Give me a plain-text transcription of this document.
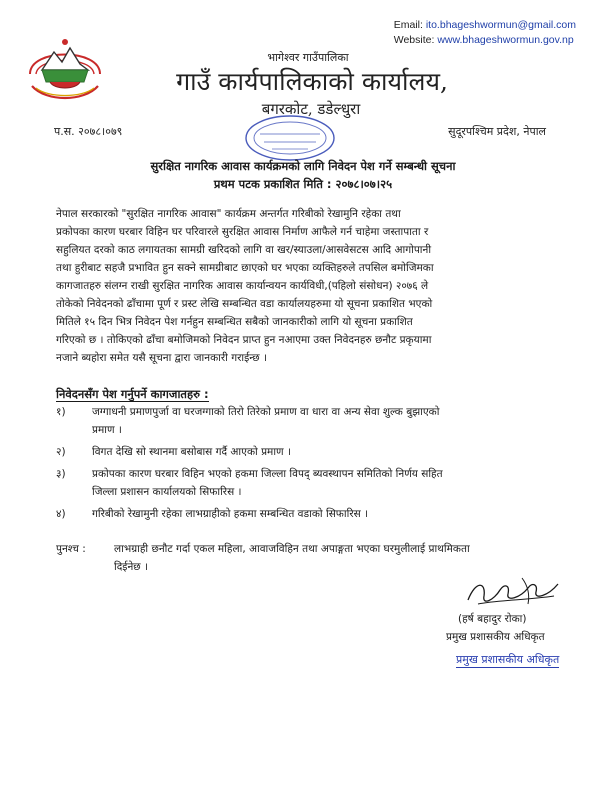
Email: ito.bhageshwormun@gmail.com
Website: www.bhageshwormun.gov.np
भागेश्वर गाउँपालिका
गाउँ कार्यपालिकाको कार्यालय,
बगरकोट, डडेल्धुरा
प.स. २०७८।०७९	सुदूरपश्चिम प्रदेश, नेपाल
सुरक्षित नागरिक आवास कार्यक्रमको लागि निवेदन पेश गर्ने सम्बन्धी सूचना
प्रथम पटक प्रकाशित मिति : २०७८।०७।२५
नेपाल सरकारको "सुरक्षित नागरिक आवास" कार्यक्रम अन्तर्गत गरिबीको रेखामुनि रहेका तथा
प्रकोपका कारण घरबार विहिन घर परिवारले सुरक्षित आवास निर्माण आफैले गर्न चाहेमा जस्तापाता र
सहुलियत दरको काठ लगायतका सामग्री खरिदको लागि वा खर/स्याउला/आसवेसटस आदि आगोपानी
तथा हुरीबाट सहजै प्रभावित हुन सक्ने सामग्रीबाट छाएको घर भएका व्यक्तिहरुले तपसिल बमोजिमका
कागजातहरु संलग्न राखी सुरक्षित नागरिक आवास कार्यान्वयन कार्यविधी,(पहिलो संसोधन) २०७६ ले
तोकेको निवेदनको ढाँचामा पूर्ण र प्रस्ट लेखि सम्बन्धित वडा कार्यालयहरुमा यो सूचना प्रकाशित भएको
मितिले १५ दिन भित्र निवेदन पेश गर्नहुन सम्बन्धित सबैको जानकारीको लागि यो सूचना प्रकाशित
गरिएको छ । तोकिएको ढाँचा बमोजिमको निवेदन प्राप्त हुन नआएमा उक्त निवेदनहरु छनौट प्रकृयामा
नजाने ब्यहोरा समेत यसै सूचना द्वारा जानकारी गराईन्छ ।
निवेदनसँग पेश गर्नुपर्ने कागजातहरु :
१)	जग्गाधनी प्रमाणपुर्जा वा घरजग्गाको तिरो तिरेको प्रमाण वा धारा वा अन्य सेवा शुल्क बुझाएको
प्रमाण ।
२)	विगत देखि सो स्थानमा बसोबास गर्दै आएको प्रमाण ।
३)	प्रकोपका कारण घरबार विहिन भएको हकमा जिल्ला विपद् ब्यवस्थापन समितिको निर्णय सहित
जिल्ला प्रशासन कार्यालयको सिफारिस ।
४)	गरिबीको रेखामुनी रहेका लाभग्राहीको हकमा सम्बन्धित वडाको सिफारिस ।
पुनश्च :	लाभग्राही छनौट गर्दा एकल महिला, आवाजविहिन तथा अपाङ्गता भएका घरमुलीलाई प्राथमिकता
दिईनेछ ।
(हर्ष बहादुर रोका)
प्रमुख प्रशासकीय अधिकृत
प्रमुख प्रशासकीय अधिकृत
